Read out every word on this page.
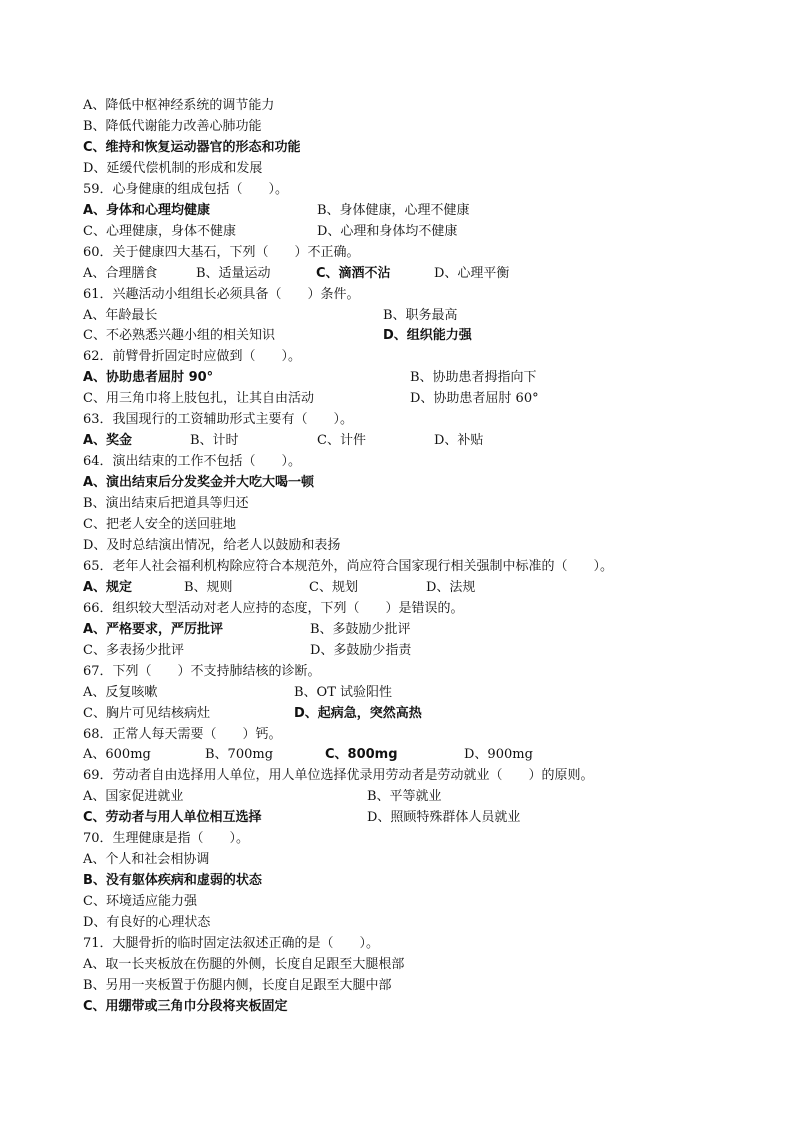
A、降低中枢神经系统的调节能力
B、降低代谢能力改善心肺功能
C、维持和恢复运动器官的形态和功能
D、延缓代偿机制的形成和发展
59．心身健康的组成包括（　　）。
A、身体和心理均健康	B、身体健康，心理不健康
C、心理健康，身体不健康	D、心理和身体均不健康
60．关于健康四大基石，下列（　　）不正确。
A、合理膳食	B、适量运动	C、滴酒不沾	D、心理平衡
61．兴趣活动小组组长必须具备（　　）条件。
A、年龄最长	B、职务最高
C、不必熟悉兴趣小组的相关知识	D、组织能力强
62．前臂骨折固定时应做到（　　）。
A、协助患者屈肘 90°	B、协助患者拇指向下
C、用三角巾将上肢包扎，让其自由活动	D、协助患者屈肘 60°
63．我国现行的工资辅助形式主要有（　　）。
A、奖金	B、计时	C、计件	D、补贴
64．演出结束的工作不包括（　　）。
A、演出结束后分发奖金并大吃大喝一顿
B、演出结束后把道具等归还
C、把老人安全的送回驻地
D、及时总结演出情况，给老人以鼓励和表扬
65．老年人社会福利机构除应符合本规范外，尚应符合国家现行相关强制中标准的（　　）。
A、规定	B、规则	C、规划	D、法规
66．组织较大型活动对老人应持的态度，下列（　　）是错误的。
A、严格要求，严厉批评	B、多鼓励少批评
C、多表扬少批评	D、多鼓励少指责
67．下列（　　）不支持肺结核的诊断。
A、反复咳嗽	B、OT 试验阳性
C、胸片可见结核病灶	D、起病急，突然高热
68．正常人每天需要（　　）钙。
A、600mg	B、700mg	C、800mg	D、900mg
69．劳动者自由选择用人单位，用人单位选择优录用劳动者是劳动就业（　　）的原则。
A、国家促进就业	B、平等就业
C、劳动者与用人单位相互选择	D、照顾特殊群体人员就业
70．生理健康是指（　　）。
A、个人和社会相协调
B、没有躯体疾病和虚弱的状态
C、环境适应能力强
D、有良好的心理状态
71．大腿骨折的临时固定法叙述正确的是（　　）。
A、取一长夹板放在伤腿的外侧，长度自足跟至大腿根部
B、另用一夹板置于伤腿内侧，长度自足跟至大腿中部
C、用绷带或三角巾分段将夹板固定
